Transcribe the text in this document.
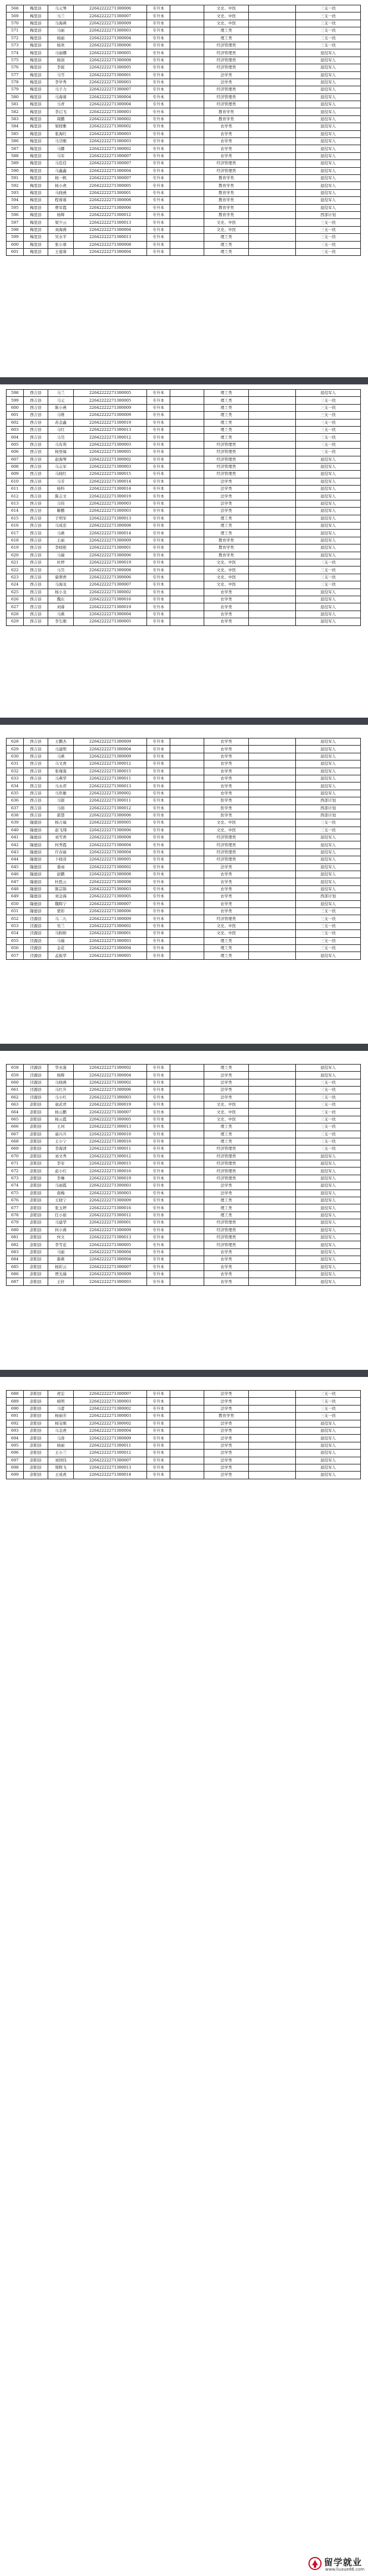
568	梅里县	马元琴	22642222271300006	专升本		文史、中医		三支一扶
569	梅里县	马兰	22642222271300007	专升本		文史、中医		三支一扶
570	梅里县	马海燕	22642222271300009	专升本		文史、中医		三支一扶
571	梅里县	马丽	22642222271300003	专升本		理工类		三支一扶
572	梅里县	杨丽	22642222271300004	专升本		理工类		三支一扶
573	梅里县	杨欢	22642222271300006	专升本		经济管理类		三支一扶
574	梅里县	马丽娜	22642222271300005	专升本		经济管理类		退役军人
575	梅里县	杨润	22642222271300008	专升本		经济管理类		退役军人
576	梅里县	李妮	22642222271300005	专升本		经济管理类		退役军人
577	梅里县	马雪	22642222271300001	专升本		法学类		退役军人
578	梅里县	李学秀	22642222271300003	专升本		法学类		退役军人
579	梅里县	马子力	22642222271300007	专升本		经济管理类		退役军人
580	梅里县	马海蓉	22642222271300004	专升本		经济管理类		退役军人
581	梅里县	马青	22642222271300004	专升本		经济管理类		退役军人
582	梅里县	李启飞	22642222271300003	专升本		教育学类		退役军人
583	梅里县	周鹏	22642222271300002	专升本		教育学类		退役军人
584	梅里县	梁晓雅	22642222271300002	专升本		农学类		退役军人
585	梅里县	张海红	22642222271300003	专升本		农学类		退役军人
586	梅里县	马尕刚	22642222271300003	专升本		农学类		退役军人
587	梅里县	马娜	22642222271300002	专升本		农学类		退役军人
588	梅里县	马军	22642222271300007	专升本		农学类		退役军人
589	梅里县	马佳佳	22642222271300007	专升本		经济管理类		退役军人
590	梅里县	马鑫鑫	22642222271300004	专升本		经济管理类		退役军人
591	梅里县	杨一帆	22642222271300007	专升本		教育学类		退役军人
592	梅里县	杨小虎	22642222271300005	专升本		教育学类		退役军人
593	梅里县	马晓燕	22642222271300001	专升本		教育学类		退役军人
594	梅里县	程蓉蓉	22642222271300008	专升本		教育学类		退役军人
595	梅里县	曹军霞	22642222271300006	专升本		教育学类		退役军人
596	梅里县	杨辉	22642222271300012	专升本		教育学类		西部计划
597	梅里县	梁少云	22642222271300013	专升本		文史、中医		三支一扶
598	梅里县	刘海燕	22642222271300004	专升本		文史、中医		三支一扶
599	梅里县	吴水平	22642222271300013	专升本		理工类		三支一扶
600	梅里县	张小蓉	22642222271300008	专升本		理工类		三支一扶
601	梅里县	王莲蓉	22642222271300004	专升本		理工类		三支一扶
598	西吉县	马兰	22642222271300005	专升本		理工类		退役军人
599	西吉县	马元	22642222271300005	专升本		理工类		三支一扶
600	西吉县	陈小燕	22642222271300009	专升本		理工类		三支一扶
601	西吉县	马维	22642222271300009	专升本		理工类		三支一扶
602	西吉县	苏金鑫	22642222271300019	专升本		理工类		三支一扶
603	西吉县	马红	22642222271300013	专升本		理工类		三支一扶
604	西吉县	马昊	22642222271300012	专升本		理工类		三支一扶
605	西吉县	马有利	22642222271300003	专升本		经济管理类		三支一扶
606	西吉县	杨登福	22642222271300005	专升本		经济管理类		三支一扶
607	西吉县	赵海琴	22642222271300002	专升本		经济管理类		退役军人
608	西吉县	马志军	22642222271300003	专升本		经济管理类		退役军人
609	西吉县	马晓红	22642222271300015	专升本		经济管理类		退役军人
610	西吉县	马芳	22642222271300014	专升本		法学类		退役军人
611	西吉县	杨科	22642222271300014	专升本		法学类		退役军人
612	西吉县	陈志文	22642222271300019	专升本		法学类		退役军人
613	西吉县	马伟	22642222271300003	专升本		法学类		退役军人
614	西吉县	靳鹏	22642222271300003	专升本		法学类		退役军人
615	西吉县	于明军	22642222271300013	专升本		理工类		退役军人
616	西吉县	马成忠	22642222271300008	专升本		理工类		退役军人
617	西吉县	马燕	22642222271300014	专升本		理工类		退役军人
618	西吉县	王丽	22642222271300009	专升本		教育学类		退役军人
619	西吉县	李晓艳	22642222271300001	专升本		教育学类		退役军人
620	西吉县	马瑞	22642222271300006	专升本		教育学类		退役军人
621	西吉县	杜婷	22642222271300019	专升本		文史、中医		三支一扶
622	西吉县	马昊	22642222271300008	专升本		文史、中医		三支一扶
623	西吉县	康翠香	22642222271300006	专升本		文史、中医		三支一扶
624	西吉县	马海龙	22642222271300007	专升本		文史、中医		三支一扶
625	西吉县	杨小龙	22642222271300002	专升本		农学类		退役军人
626	西吉县	魏东	22642222271300016	专升本		农学类		退役军人
627	西吉县	刘睿	22642222271300019	专升本		农学类		退役军人
628	西吉县	马燕	22642222271300004	专升本		农学类		退役军人
629	西吉县	李生刚	22642222271300005	专升本		农学类		退役军人
628	西吉县	王鹏杰	22642222271300009	专升本		农学类		退役军人
629	西吉县	马建明	22642222271300004	专升本		农学类		退役军人
630	西吉县	马燕	22642222271300009	专升本		农学类		退役军人
631	西吉县	马文虎	22642222271300012	专升本		农学类		退役军人
632	西吉县	张雍强	22642222271300015	专升本		农学类		退役军人
633	西吉县	马燕华	22642222271300011	专升本		农学类		退役军人
634	西吉县	马永君	22642222271300013	专升本		农学类		退役军人
635	西吉县	马焦雄	22642222271300002	专升本		农学类		退役军人
636	西吉县	马银	22642222271300011	专升本		医学类		西部计划
637	西吉县	马娟	22642222271300012	专升本		医学类		西部计划
638	西吉县	郭慧	22642222271300006	专升本		医学类		西部计划
639	隆德县	杨占福	22642222271300005	专升本		文史、中医		三支一扶
640	隆德县	赵飞翔	22642222271300006	专升本		文史、中医		三支一扶
641	隆德县	刘雪香	22642222271300008	专升本		经济管理类		退役军人
642	隆德县	何秀霞	22642222271300004	专升本		经济管理类		退役军人
643	隆德县	许春丽	22642222271300004	专升本		经济管理类		退役军人
644	隆德县	卜晓菲	22642222271300005	专升本		经济管理类		退役军人
645	隆德县	姜雨	22642222271300002	专升本		法学类		退役军人
646	隆德县	赵鹏	22642222271300008	专升本		农学类		退役军人
647	隆德县	杜胜云	22642222271300008	专升本		农学类		退役军人
648	隆德县	陈宗锦	22642222271300003	专升本		农学类		退役军人
649	隆德县	刘金海	22642222271300005	专升本		农学类		西部计划
650	隆德县	魏晖宁	22642222271300007	专升本		农学类		退役军人
651	隆德县	蒙彩	22642222271300006	专升本		农学类		三支一扶
652	泾源县	马二九	22642222271300009	专升本		经济管理类		三支一扶
653	泾源县	吴兰	22642222271300002	专升本		文史、中医		三支一扶
654	泾源县	马盼盼	22642222271300001	专升本		文史、中医		三支一扶
655	泾源县	马瑞	22642222271300003	专升本		理工类		三支一扶
656	泾源县	金花	22642222271300004	专升本		理工类		三支一扶
657	泾源县	孟振华	22642222271300005	专升本		理工类		退役军人
658	泾源县	华永强	22642222271300002	专升本		理工类		退役军人
659	泾源县	杨辉	22642222271300004	专升本		法学类		退役军人
660	泾源县	马晓燕	22642222271300002	专升本		法学类		三支一扶
661	泾源县	马红升	22642222271300006	专升本		法学类		三支一扶
662	泾源县	马小红	22642222271300003	专升本		法学类		三支一扶
663	彭阳县	童武君	22642222271300019	专升本		文史、中医		三支一扶
664	彭阳县	杨云鹏	22642222271300007	专升本		文史、中医		三支一扶
665	彭阳县	杨云霞	22642222271300005	专升本		文史、中医		三支一扶
666	彭阳县	王珂	22642222271300013	专升本		理工类		三支一扶
667	彭阳县	童兴兵	22642222271300010	专升本		理工类		三支一扶
668	彭阳县	王小宁	22642222271300016	专升本		理工类		三支一扶
669	彭阳县	李海清	22642222271300011	专升本		经济管理类		三支一扶
670	彭阳县	刘文秀	22642222271300012	专升本		经济管理类		退役军人
671	彭阳县	李军	22642222271300015	专升本		经济管理类		退役军人
672	彭阳县	赵小红	22642222271300016	专升本		经济管理类		退役军人
673	彭阳县	李琳	22642222271300019	专升本		经济管理类		退役军人
674	彭阳县	马丽霞	22642222271300003	专升本		法学类		退役军人
675	彭阳县	南梅	22642222271300003	专升本		法学类		退役军人
676	彭阳县	王晓宁	22642222271300009	专升本		理工类		退役军人
677	彭阳县	张玉婷	22642222271300016	专升本		理工类		退役军人
678	彭阳县	任小娟	22642222271300012	专升本		理工类		退役军人
679	彭阳县	马建华	22642222271300001	专升本		经济管理类		退役军人
680	彭阳县	何小燕	22642222271300009	专升本		经济管理类		退役军人
681	彭阳县	何文	22642222271300013	专升本		经济管理类		退役军人
682	彭阳县	李雪花	22642222271300005	专升本		经济管理类		退役军人
683	彭阳县	马丽	22642222271300004	专升本		农学类		退役军人
684	彭阳县	郝燕	22642222271300004	专升本		农学类		退役军人
685	彭阳县	杨彩云	22642222271300007	专升本		农学类		退役军人
686	彭阳县	贾光瑞	22642222271300009	专升本		农学类		退役军人
687	彭阳县	王轩	22642222271300003	专升本		农学类		退役军人
688	彭阳县	虎宏	22642222271300007	专升本		法学类		三支一扶
689	彭阳县	杨明	22642222271300003	专升本		法学类		三支一扶
690	彭阳县	马蕾	22642222271300002	专升本		法学类		三支一扶
691	彭阳县	杨丽芳	22642222271300003	专升本		教育学类		三支一扶
692	彭阳县	杨宝刚	22642222271300002	专升本		法学类		退役军人
693	彭阳县	马金虎	22642222271300004	专升本		法学类		退役军人
694	彭阳县	马涛	22642222271300009	专升本		法学类		退役军人
695	彭阳县	杨丽	22642222271300011	专升本		法学类		退役军人
696	彭阳县	王小兰	22642222271300012	专升本		法学类		退役军人
697	彭阳县	刘国伟	22642222271300007	专升本		法学类		退役军人
698	彭阳县	郑晖飞	22642222271300013	专升本		法学类		退役军人
699	彭阳县	王成虎	22642222271300014	专升本		法学类		退役军人
留学就业
www.liuxue86.com
